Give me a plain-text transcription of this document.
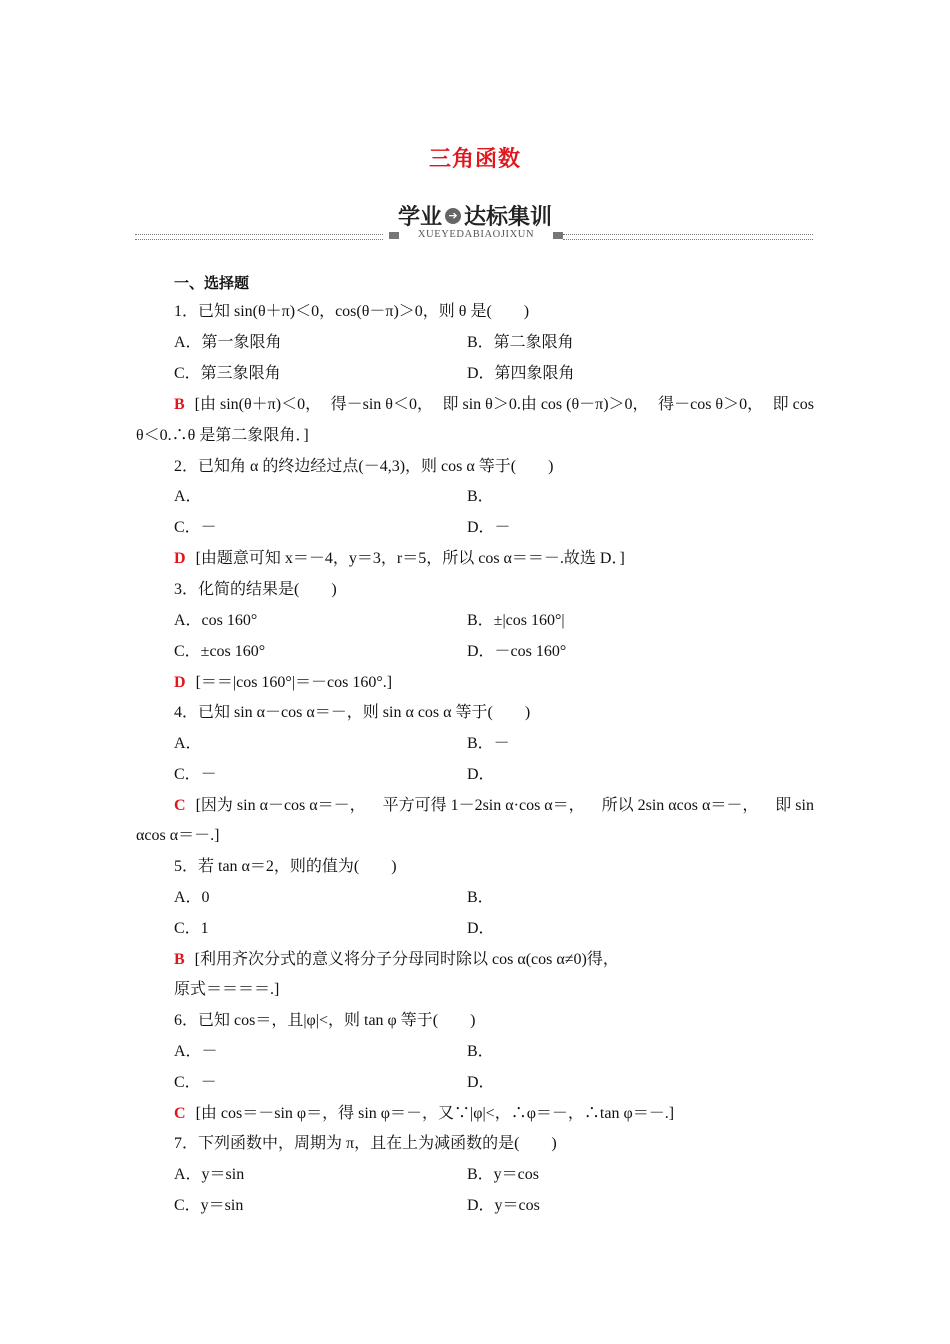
三角函数
学业 ➔ 达标集训
XUEYEDABIAOJIXUN
一、选择题
1．已知 sin(θ＋π)＜0，cos(θ－π)＞0，则 θ 是(　　)
A．第一象限角	B．第二象限角
C．第三象限角	D．第四象限角
B [由 sin(θ＋π)＜0， 得－sin θ＜0， 即 sin θ＞0.由 cos (θ－π)＞0， 得－cos θ＞0， 即 cos
θ＜0.∴θ 是第二象限角．]
2．已知角 α 的终边经过点(－4,3)，则 cos α 等于(　　)
A．	B．
C．－	D．－
D [由题意可知 x＝－4，y＝3，r＝5，所以 cos α＝＝－.故选 D．]
3．化简的结果是(　　)
A．cos 160°	B．±|cos 160°|
C．±cos 160°	D．－cos 160°
D [＝＝|cos 160°|＝－cos 160°.]
4．已知 sin α－cos α＝－，则 sin α cos α 等于(　　)
A．	B．－
C．－	D．
C [因为 sin α－cos α＝－， 平方可得 1－2sin α·cos α＝， 所以 2sin αcos α＝－， 即 sin
αcos α＝－.]
5．若 tan α＝2，则的值为(　　)
A．0	B．
C．1	D．
B [利用齐次分式的意义将分子分母同时除以 cos α(cos α≠0)得，
原式＝＝＝＝.]
6．已知 cos＝，且|φ|<，则 tan φ 等于(　　)
A．－	B．
C．－	D．
C [由 cos＝－sin φ＝，得 sin φ＝－，又∵|φ|<，∴φ＝－，∴tan φ＝－.]
7．下列函数中，周期为 π，且在上为减函数的是(　　)
A．y＝sin	B．y＝cos
C．y＝sin	D．y＝cos
